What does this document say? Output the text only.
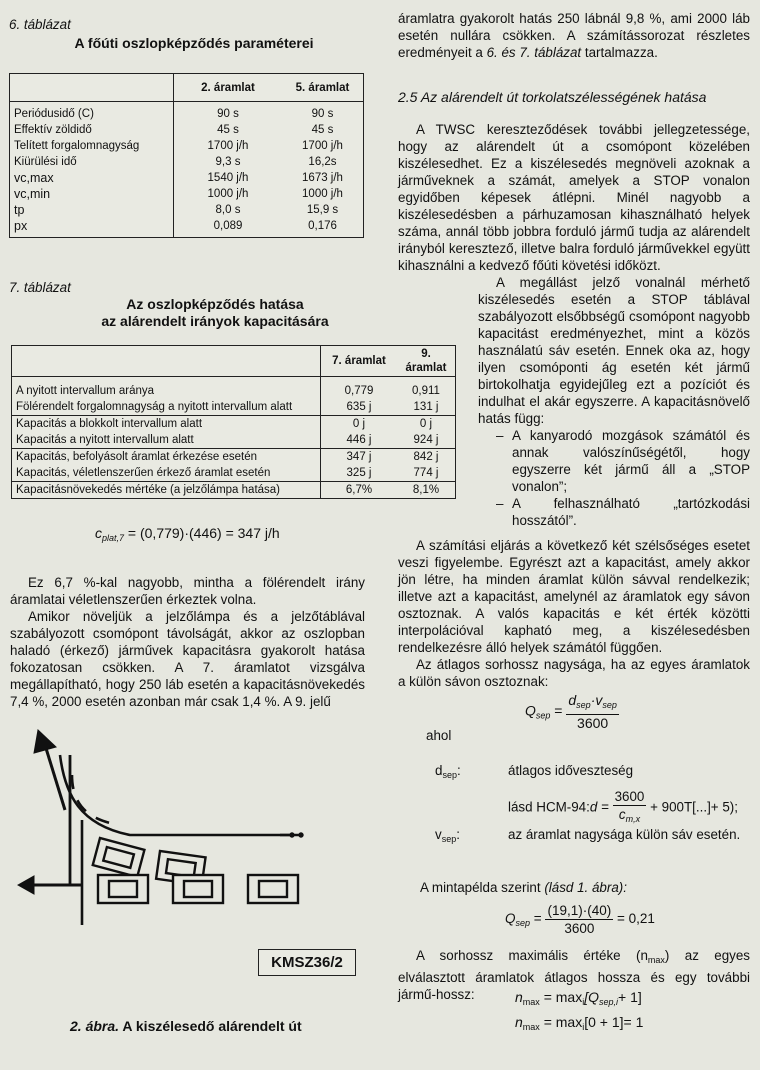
6. táblázat
A főúti oszlopképződés paraméterei
	2. áramlat	5. áramlat
Periódusidő (C)	90 s	90 s
Effektív zöldidő	45 s	45 s
Telített forgalomnagyság	1700 j/h	1700 j/h
Kiürülési idő	9,3 s	16,2s
vc,max	1540 j/h	1673 j/h
vc,min	1000 j/h	1000 j/h
tp	8,0 s	15,9 s
px	0,089	0,176
7. táblázat
Az oszlopképződés hatása
az alárendelt irányok kapacitására
	7. áramlat	9. áramlat

A nyitott intervallum aránya	0,779	0,911
Fölérendelt forgalomnagyság a nyitott intervallum alatt	635 j	131 j
Kapacitás a blokkolt intervallum alatt	0 j	0 j
Kapacitás a nyitott intervallum alatt	446 j	924 j
Kapacitás, befolyásolt áramlat érkezése esetén	347 j	842 j
Kapacitás, véletlenszerűen érkező áramlat esetén	325 j	774 j
Kapacitásnövekedés mértéke (a jelzőlámpa hatása)	6,7%	8,1%
$c_{plat,7} = (0,779)\cdot(446) = 347$ j/h

Ez 6,7 %-kal nagyobb, mintha a fölérendelt irány áramlatai véletlenszerűen érkeztek volna.

Amikor növeljük a jelzőlámpa és a jelzőtáblával szabályozott csomópont távolságát, akkor az oszlopban haladó (érkező) járművek kapacitásra gyakorolt hatása fokozatosan csökken. A 7. áramlatot vizsgálva megállapítható, hogy 250 láb esetén a kapacitásnövekedés 7,4 %, 2000 esetén azonban már csak 1,4 %. A 9. jelű

KMSZ36/2
2. ábra. A kiszélesedő alárendelt út

áramlatra gyakorolt hatás 250 lábnál 9,8 %, ami 2000 láb esetén nullára csökken. A számítássorozat részletes eredményeit a 6. és 7. táblázat tartalmazza.

2.5 Az alárendelt út torkolatszélességének hatása

A TWSC kereszteződések további jellegzetessége, hogy az alárendelt út a csomópont közelében kiszélesedhet. Ez a kiszélesedés megnöveli azoknak a járműveknek a számát, amelyek a STOP vonalon egyidőben képesek átlépni. Minél nagyobb a kiszélesedésben a párhuzamosan kihasználható helyek száma, annál több jobbra forduló jármű tudja az alárendelt irányból keresztező, illetve balra forduló járművekkel együtt kihasználni a kedvező főúti követési időközt.

A megállást jelző vonalnál mérhető kiszélesedés esetén a STOP táblával szabályozott elsőbbségű csomópont nagyobb kapacitást eredményezhet, mint a közös használatú sáv esetén. Ennek oka az, hogy ilyen csomóponti ág esetén két jármű birtokolhatja egyidejűleg ezt a pozíciót és indulhat el akár egyszerre. A kapacitásnövelő hatás függ:

– A kanyarodó mozgások számától és annak valószínűségétől, hogy egyszerre két jármű áll a „STOP vonalon”;
– A felhasználható „tartózkodási hosszától”.

A számítási eljárás a következő két szélsőséges esetet veszi figyelembe. Egyrészt azt a kapacitást, amely akkor jön létre, ha minden áramlat külön sávval rendelkezik; illetve azt a kapacitást, amelynél az áramlatok egy sávon osztoznak. A valós kapacitás e két érték közötti interpolációval kapható meg, a kiszélesedésben rendelkezésre álló helyek számától függően.

Az átlagos sorhossz nagysága, ha az egyes áramlatok a külön sávon osztoznak:

$Q_{sep} = \frac{d_{sep}\cdot v_{sep}}{3600}$
ahol
$d_{sep}$:	átlagos időveszteség
lásd HCM-94:d = $\frac{3600}{c_{m,x}} + 900T[...]+ 5$);
$v_{sep}$:	az áramlat nagysága külön sáv esetén.
A mintapélda szerint (lásd 1. ábra):
$Q_{sep} = \frac{(19,1)\cdot(40)}{3600} = 0,21$

A sorhossz maximális értéke $(n_{max})$ az egyes elválasztott áramlatok átlagos hossza és egy további jármű-hossz:	$n_{max} = \max_i[Q_{sep,i}+ 1]$
$n_{max} = \max_i[0 + 1]= 1$
